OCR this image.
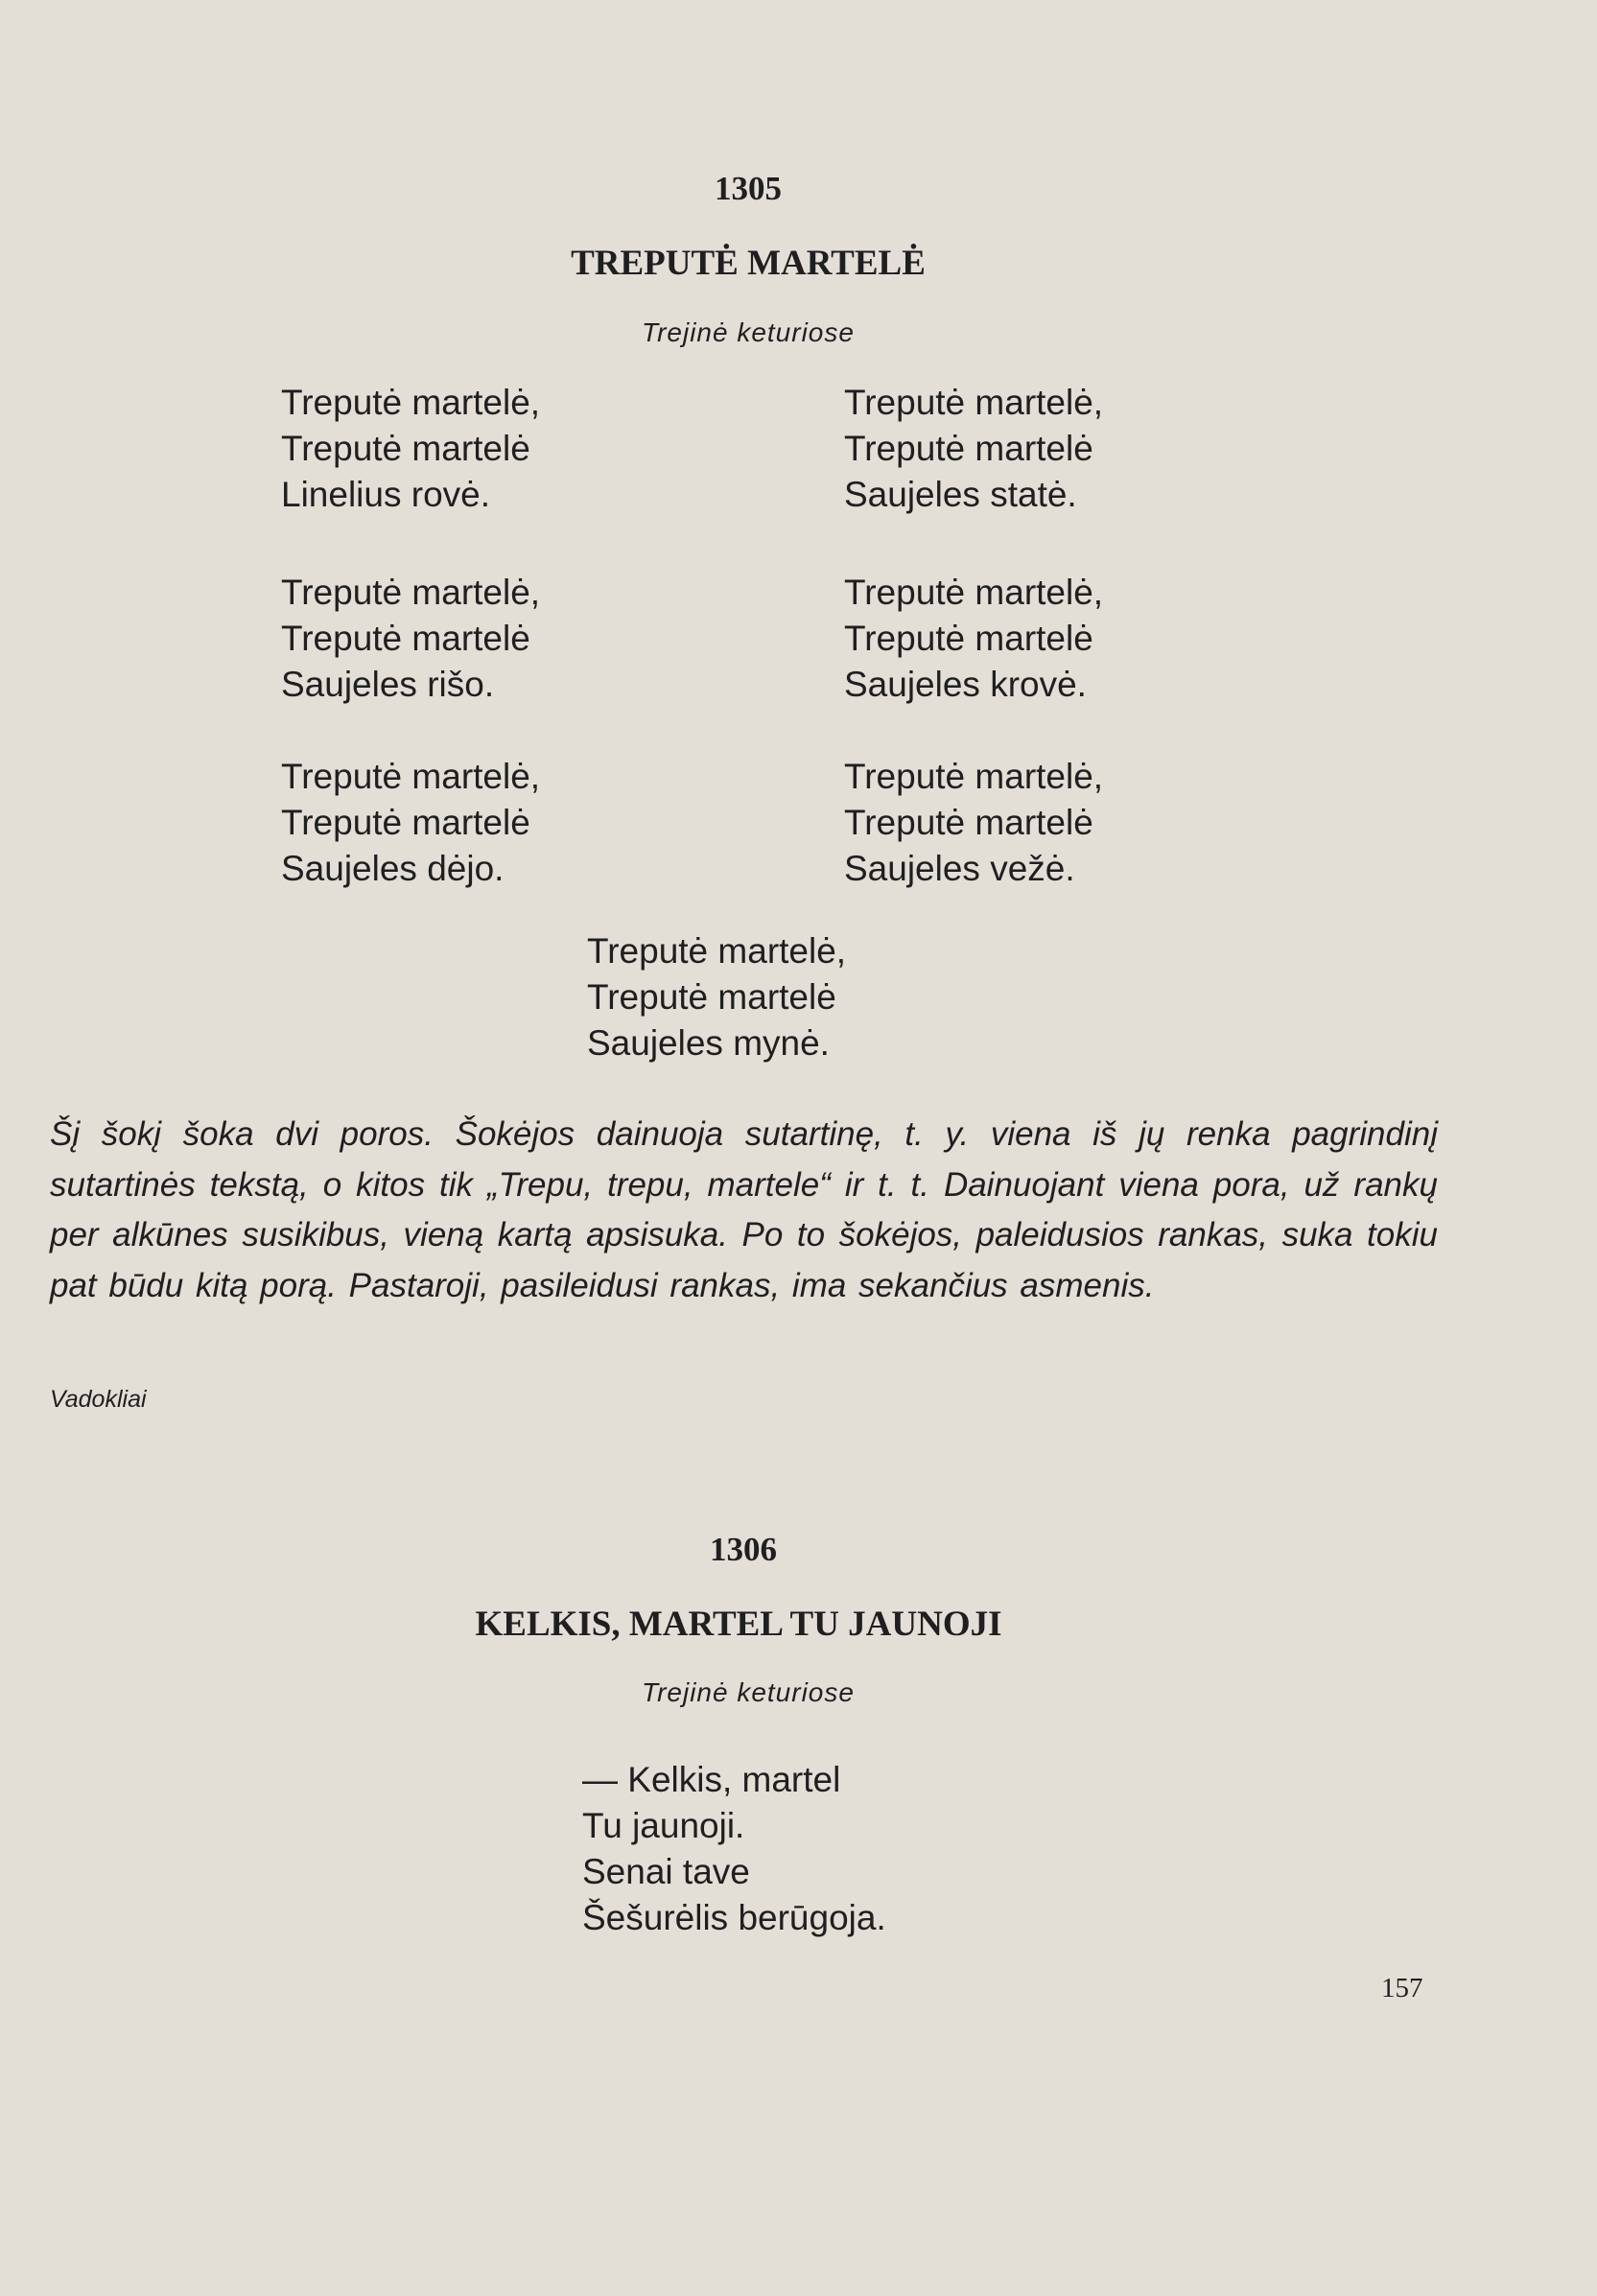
1305
TREPUTĖ MARTELĖ
Trejinė keturiose
Treputė martelė,
Treputė martelė
Linelius rovė.
Treputė martelė,
Treputė martelė
Saujeles statė.
Treputė martelė,
Treputė martelė
Saujeles rišo.
Treputė martelė,
Treputė martelė
Saujeles krovė.
Treputė martelė,
Treputė martelė
Saujeles dėjo.
Treputė martelė,
Treputė martelė
Saujeles vežė.
Treputė martelė,
Treputė martelė
Saujeles mynė.

Šį šokį šoka dvi poros. Šokėjos dainuoja sutartinę, t. y. viena iš jų renka pagrindinį sutartinės tekstą, o kitos tik „Trepu, trepu, martele“ ir t. t. Dainuojant viena pora, už rankų per alkūnes susikibus, vieną kartą apsisuka. Po to šokėjos, paleidusios rankas, suka tokiu pat būdu kitą porą. Pastaroji, pasileidusi rankas, ima sekančius asmenis.

Vadokliai
1306
KELKIS, MARTEL TU JAUNOJI
Trejinė keturiose
— Kelkis, martel
Tu jaunoji.
Senai tave
Šešurėlis berūgoja.
157
